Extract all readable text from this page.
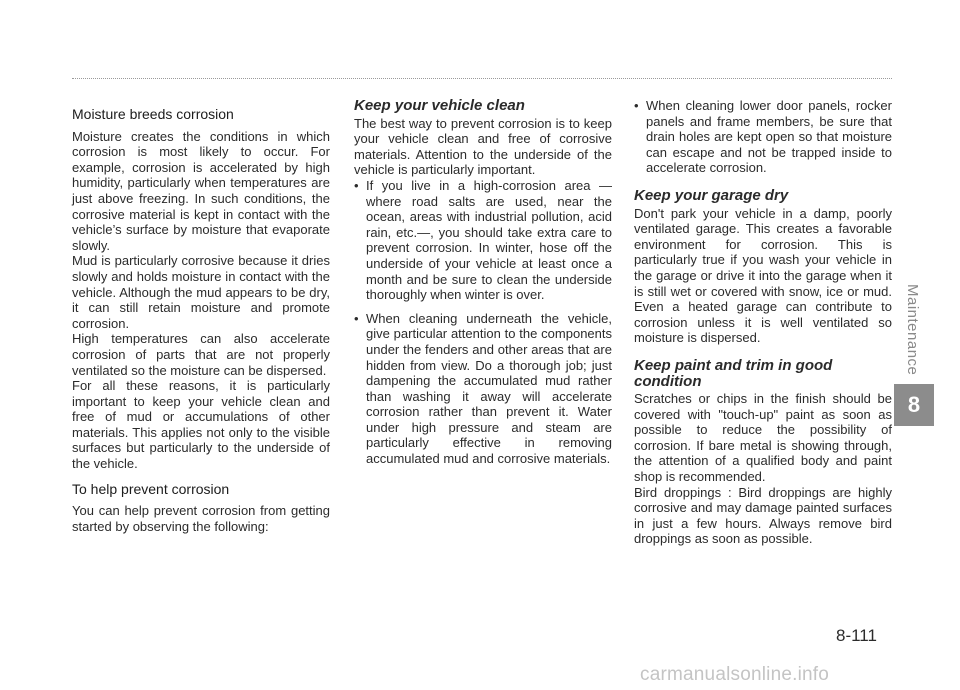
Moisture breeds corrosion

Moisture creates the conditions in which corrosion is most likely to occur. For example, corrosion is accelerated by high humidity, particularly when temperatures are just above freezing. In such conditions, the corrosive material is kept in contact with the vehicle’s surface by moisture that evaporate slowly.

Mud is particularly corrosive because it dries slowly and holds moisture in contact with the vehicle. Although the mud appears to be dry, it can still retain moisture and promote corrosion.

High temperatures can also accelerate corrosion of parts that are not properly ventilated so the moisture can be dispersed.

For all these reasons, it is particularly important to keep your vehicle clean and free of mud or accumulations of other materials. This applies not only to the visible surfaces but particularly to the underside of the vehicle.

To help prevent corrosion

You can help prevent corrosion from getting started by observing the following:

Keep your vehicle clean

The best way to prevent corrosion is to keep your vehicle clean and free of corrosive materials. Attention to the underside of the vehicle is particularly important.

• If you live in a high-corrosion area — where road salts are used, near the ocean, areas with industrial pollution, acid rain, etc.—, you should take extra care to prevent corrosion. In winter, hose off the underside of your vehicle at least once a month and be sure to clean the underside thoroughly when winter is over.
• When cleaning underneath the vehicle, give particular attention to the components under the fenders and other areas that are hidden from view. Do a thorough job; just dampening the accumulated mud rather than washing it away will accelerate corrosion rather than prevent it. Water under high pressure and steam are particularly effective in removing accumulated mud and corrosive materials.
• When cleaning lower door panels, rocker panels and frame members, be sure that drain holes are kept open so that moisture can escape and not be trapped inside to accelerate corrosion.
Keep your garage dry

Don't park your vehicle in a damp, poorly ventilated garage. This creates a favorable environment for corrosion. This is particularly true if you wash your vehicle in the garage or drive it into the garage when it is still wet or covered with snow, ice or mud. Even a heated garage can contribute to corrosion unless it is well ventilated so moisture is dispersed.

Keep paint and trim in good condition

Scratches or chips in the finish should be covered with "touch-up" paint as soon as possible to reduce the possibility of corrosion. If bare metal is showing through, the attention of a qualified body and paint shop is recommended.

Bird droppings : Bird droppings are highly corrosive and may damage painted surfaces in just a few hours. Always remove bird droppings as soon as possible.

Maintenance
8
8-111
carmanualsonline.info
